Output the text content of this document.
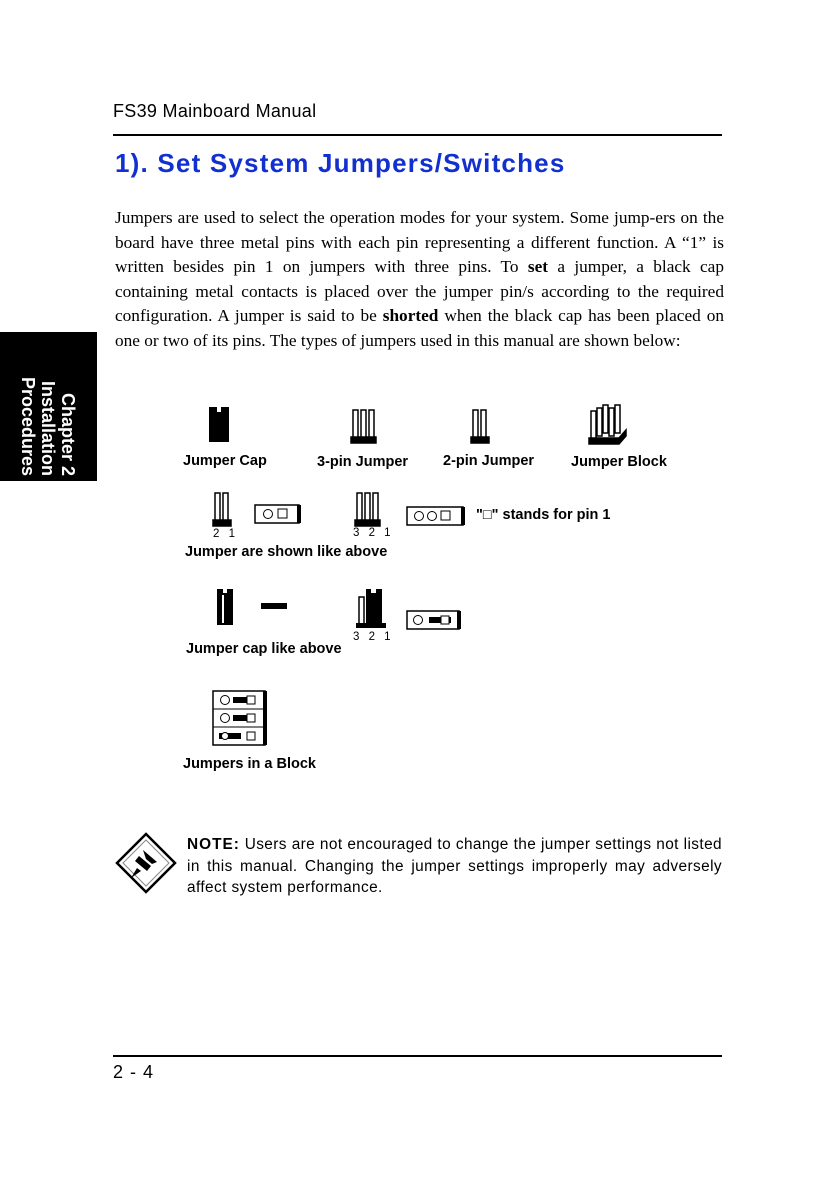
FS39 Mainboard Manual
1). Set System Jumpers/Switches
Chapter 2
Installation
Procedures
Jumpers are used to select the operation modes for your system. Some jump-ers on the board have three metal pins with each pin representing a different function. A “1” is written besides pin 1 on jumpers with three pins. To set a jumper, a black cap containing metal contacts is placed over the jumper pin/s according to the required configuration. A jumper is said to be shorted when the black cap has been placed on one or two of its pins. The types of jumpers used in this manual are shown below:
Jumper Cap	3-pin Jumper 2-pin Jumper	Jumper Block
2 1	3 2 1
"□" stands for pin 1
Jumper are shown like above
Jumper cap like above
3 2 1
Jumpers in a Block
NOTE: Users are not encouraged to change the jumper settings not listed in this manual. Changing the jumper settings improperly may adversely affect system performance.
2 - 4
